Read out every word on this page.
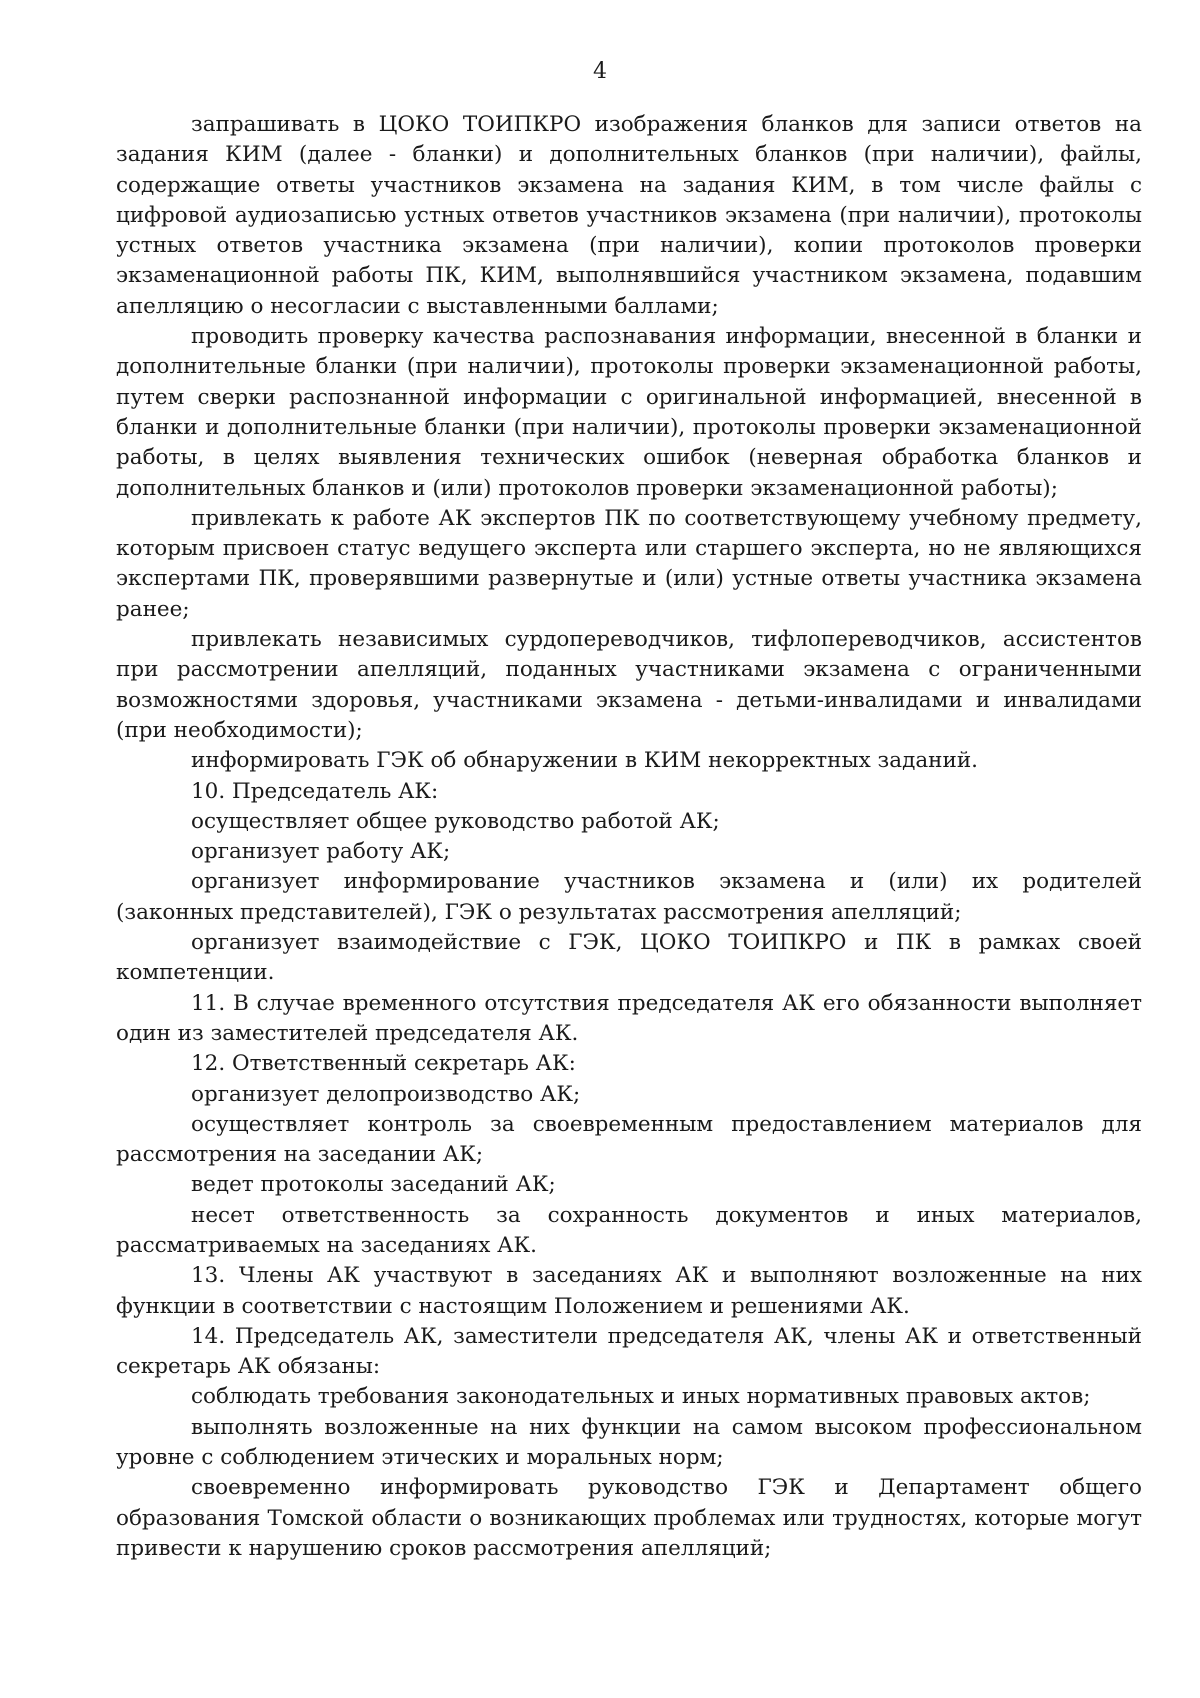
4

запрашивать в ЦОКО ТОИПКРО изображения бланков для записи ответов на задания КИМ (далее - бланки) и дополнительных бланков (при наличии), файлы, содержащие ответы участников экзамена на задания КИМ, в том числе файлы с цифровой аудиозаписью устных ответов участников экзамена (при наличии), протоколы устных ответов участника экзамена (при наличии), копии протоколов проверки экзаменационной работы ПК, КИМ, выполнявшийся участником экзамена, подавшим апелляцию о несогласии с выставленными баллами;

проводить проверку качества распознавания информации, внесенной в бланки и дополнительные бланки (при наличии), протоколы проверки экзаменационной работы, путем сверки распознанной информации с оригинальной информацией, внесенной в бланки и дополнительные бланки (при наличии), протоколы проверки экзаменационной работы, в целях выявления технических ошибок (неверная обработка бланков и дополнительных бланков и (или) протоколов проверки экзаменационной работы);

привлекать к работе АК экспертов ПК по соответствующему учебному предмету, которым присвоен статус ведущего эксперта или старшего эксперта, но не являющихся экспертами ПК, проверявшими развернутые и (или) устные ответы участника экзамена ранее;

привлекать независимых сурдопереводчиков, тифлопереводчиков, ассистентов при рассмотрении апелляций, поданных участниками экзамена с ограниченными возможностями здоровья, участниками экзамена - детьми-инвалидами и инвалидами (при необходимости);

информировать ГЭК об обнаружении в КИМ некорректных заданий.

10. Председатель АК:

осуществляет общее руководство работой АК;

организует работу АК;

организует информирование участников экзамена и (или) их родителей (законных представителей), ГЭК о результатах рассмотрения апелляций;

организует взаимодействие с ГЭК, ЦОКО ТОИПКРО и ПК в рамках своей компетенции.

11. В случае временного отсутствия председателя АК его обязанности выполняет один из заместителей председателя АК.

12. Ответственный секретарь АК:

организует делопроизводство АК;

осуществляет контроль за своевременным предоставлением материалов для рассмотрения на заседании АК;

ведет протоколы заседаний АК;

несет ответственность за сохранность документов и иных материалов, рассматриваемых на заседаниях АК.

13. Члены АК участвуют в заседаниях АК и выполняют возложенные на них функции в соответствии с настоящим Положением и решениями АК.

14. Председатель АК, заместители председателя АК, члены АК и ответственный секретарь АК обязаны:

соблюдать требования законодательных и иных нормативных правовых актов;

выполнять возложенные на них функции на самом высоком профессиональном уровне с соблюдением этических и моральных норм;

своевременно информировать руководство ГЭК и Департамент общего образования Томской области о возникающих проблемах или трудностях, которые могут привести к нарушению сроков рассмотрения апелляций;
